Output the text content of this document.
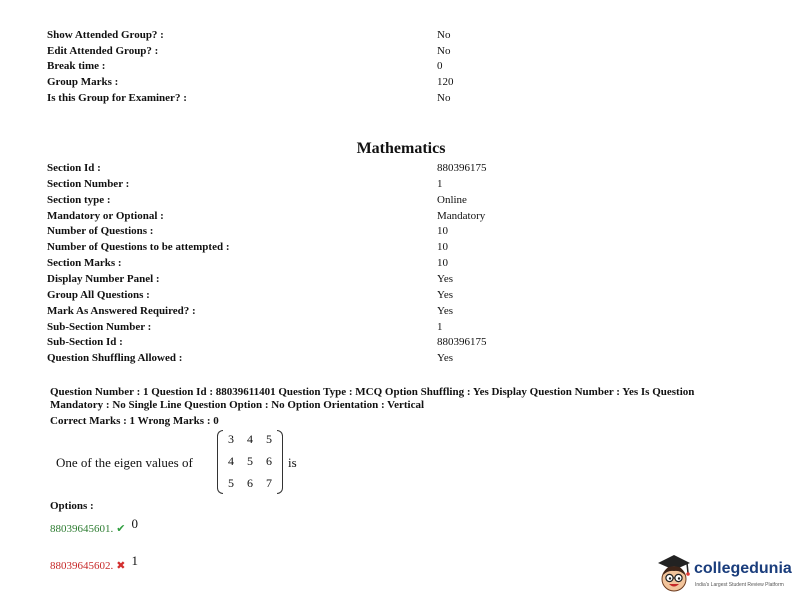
Show Attended Group? :	No
Edit Attended Group? :	No
Break time :	0
Group Marks :	120
Is this Group for Examiner? :	No
Mathematics
Section Id :	880396175
Section Number :	1
Section type :	Online
Mandatory or Optional :	Mandatory
Number of Questions :	10
Number of Questions to be attempted :	10
Section Marks :	10
Display Number Panel :	Yes
Group All Questions :	Yes
Mark As Answered Required? :	Yes
Sub-Section Number :	1
Sub-Section Id :	880396175
Question Shuffling Allowed :	Yes
Question Number : 1 Question Id : 88039611401 Question Type : MCQ Option Shuffling : Yes Display Question Number : Yes Is Question Mandatory : No Single Line Question Option : No Option Orientation : Vertical
Correct Marks : 1 Wrong Marks : 0
One of the eigen values of
3	4	5
4	5	6
5	6	7
is
Options :
88039645601. ✔ 0
88039645602. ✖ 1	collegedunia
India's Largest Student Review Platform
